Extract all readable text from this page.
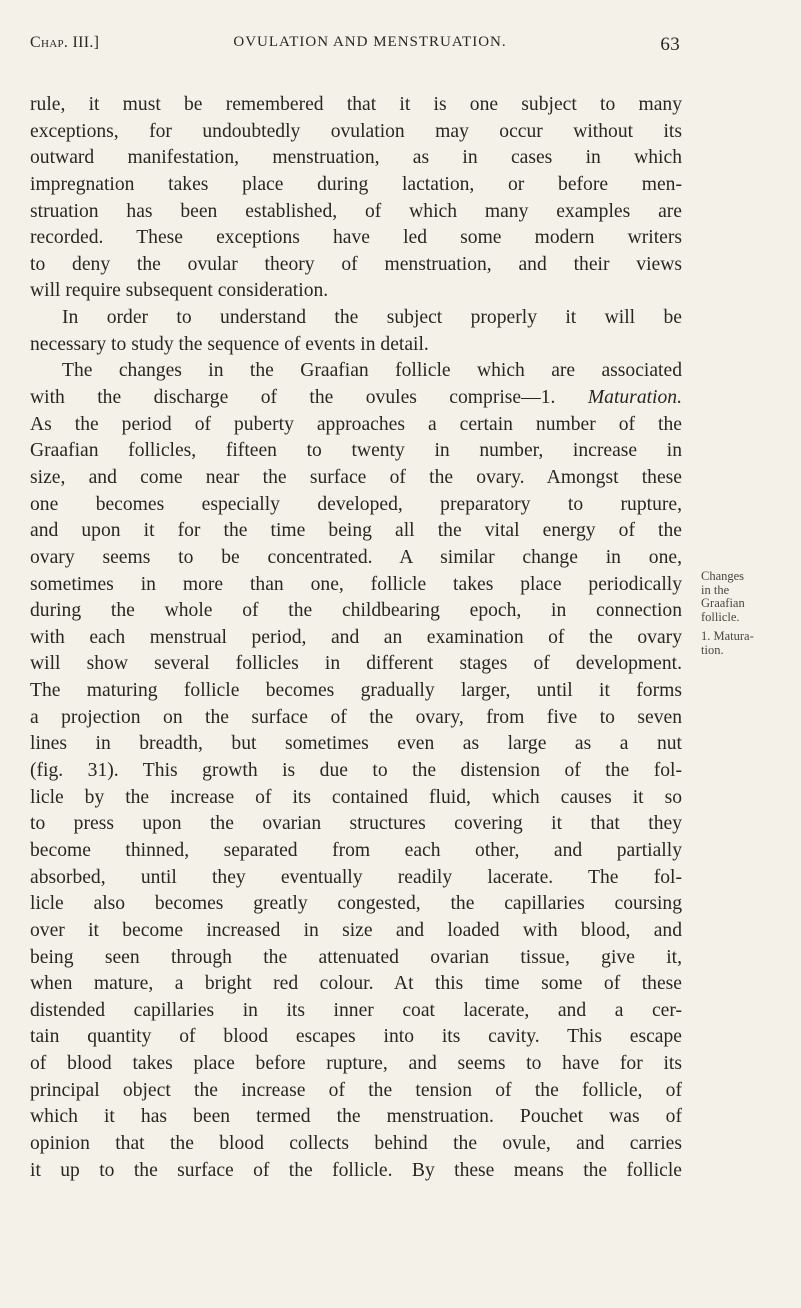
Chap. III.]	OVULATION AND MENSTRUATION.	63
rule, it must be remembered that it is one subject to many
exceptions, for undoubtedly ovulation may occur without its
outward manifestation, menstruation, as in cases in which
impregnation takes place during lactation, or before men-
struation has been established, of which many examples are
recorded. These exceptions have led some modern writers
to deny the ovular theory of menstruation, and their views
will require subsequent consideration.
In order to understand the subject properly it will be
necessary to study the sequence of events in detail.
The changes in the Graafian follicle which are associated
with the discharge of the ovules comprise—1. Maturation.
As the period of puberty approaches a certain number of the
Graafian follicles, fifteen to twenty in number, increase in
size, and come near the surface of the ovary. Amongst these
one becomes especially developed, preparatory to rupture,
and upon it for the time being all the vital energy of the
ovary seems to be concentrated. A similar change in one,
sometimes in more than one, follicle takes place periodically
during the whole of the childbearing epoch, in connection
with each menstrual period, and an examination of the ovary
will show several follicles in different stages of development.
The maturing follicle becomes gradually larger, until it forms
a projection on the surface of the ovary, from five to seven
lines in breadth, but sometimes even as large as a nut
(fig. 31). This growth is due to the distension of the fol-
licle by the increase of its contained fluid, which causes it so
to press upon the ovarian structures covering it that they
become thinned, separated from each other, and partially
absorbed, until they eventually readily lacerate. The fol-
licle also becomes greatly congested, the capillaries coursing
over it become increased in size and loaded with blood, and
being seen through the attenuated ovarian tissue, give it,
when mature, a bright red colour. At this time some of these
distended capillaries in its inner coat lacerate, and a cer-
tain quantity of blood escapes into its cavity. This escape
of blood takes place before rupture, and seems to have for its
principal object the increase of the tension of the follicle, of
which it has been termed the menstruation. Pouchet was of
opinion that the blood collects behind the ovule, and carries
it up to the surface of the follicle. By these means the follicle
Changes
in the
Graafian
follicle.
1. Matura-
tion.
